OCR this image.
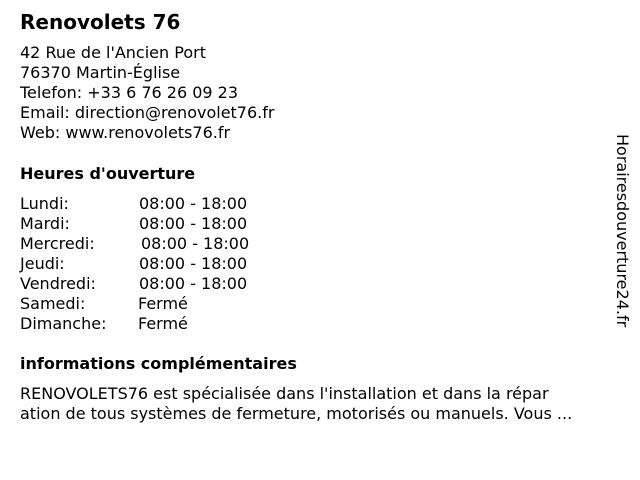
Renovolets 76
42 Rue de l'Ancien Port
76370 Martin-Église
Telefon: +33 6 76 26 09 23
Email: direction@renovolet76.fr
Web: www.renovolets76.fr
Heures d'ouverture
Lundi:	08:00 - 18:00
Mardi:	08:00 - 18:00
Mercredi:	08:00 - 18:00
Jeudi:	08:00 - 18:00
Vendredi:	08:00 - 18:00
Samedi:	Fermé
Dimanche: Fermé
informations complémentaires
RENOVOLETS76 est spécialisée dans l'installation et dans la répar
ation de tous systèmes de fermeture, motorisés ou manuels. Vous ...
Horairesdouverture24.fr
